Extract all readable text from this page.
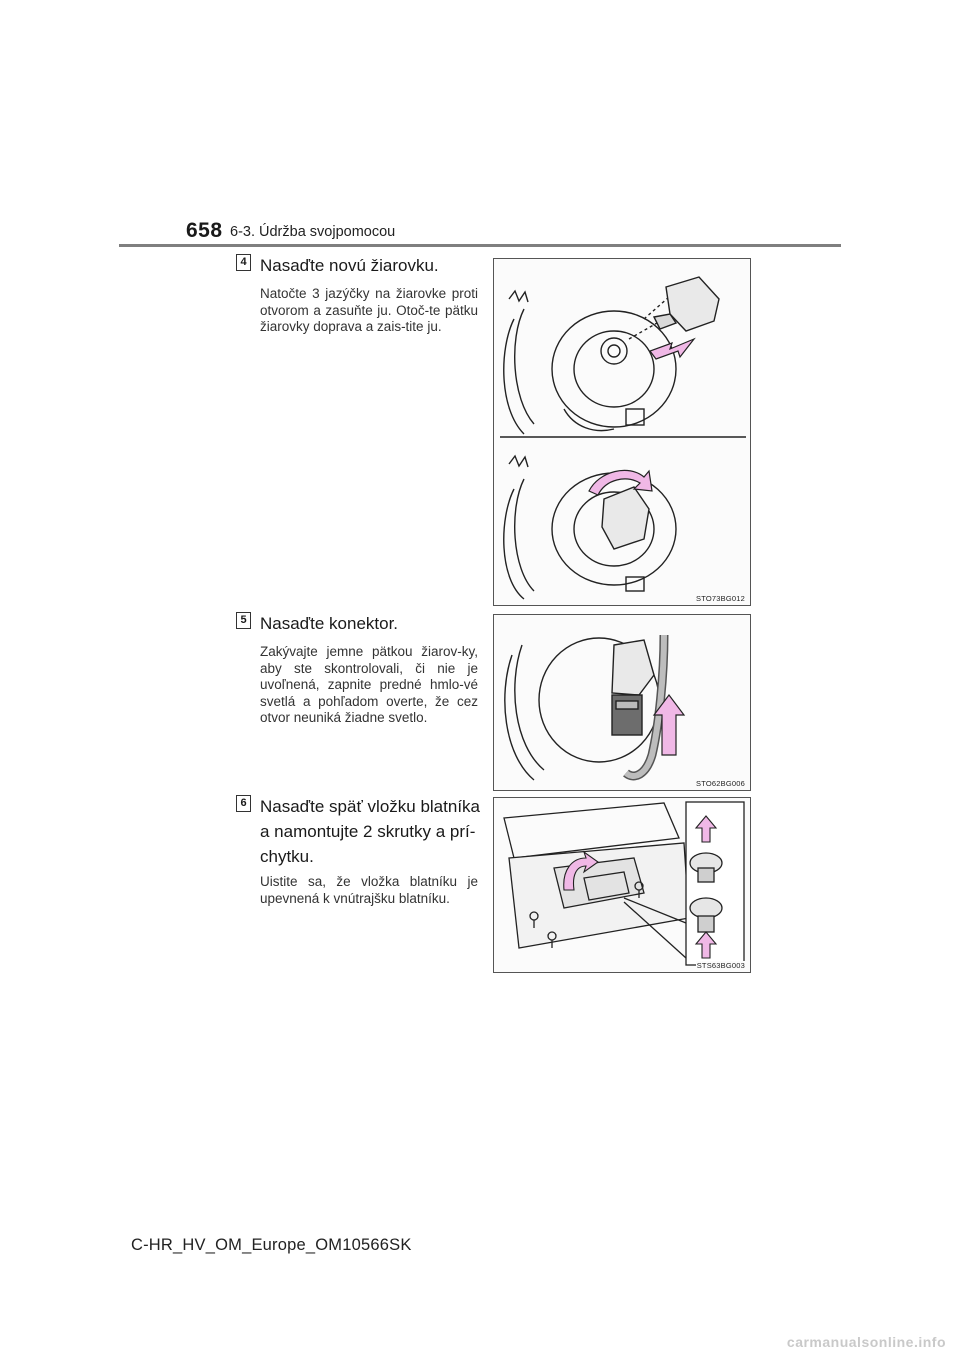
658 6-3. Údržba svojpomocou
4 Nasaďte novú žiarovku.
Natočte 3 jazýčky na žiarovke proti otvorom a zasuňte ju. Otoč-te pätku žiarovky doprava a zais-tite ju.
STO73BG012
5 Nasaďte konektor.
Zakývajte jemne pätkou žiarov-ky, aby ste skontrolovali, či nie je uvoľnená, zapnite predné hmlo-vé svetlá a pohľadom overte, že cez otvor neuniká žiadne svetlo.
STO62BG006
6 Nasaďte späť vložku blatníka
a namontujte 2 skrutky a prí-
chytku.
Uistite sa, že vložka blatníku je upevnená k vnútrajšku blatníku.
STS63BG003
C-HR_HV_OM_Europe_OM10566SK
carmanualsonline.info
